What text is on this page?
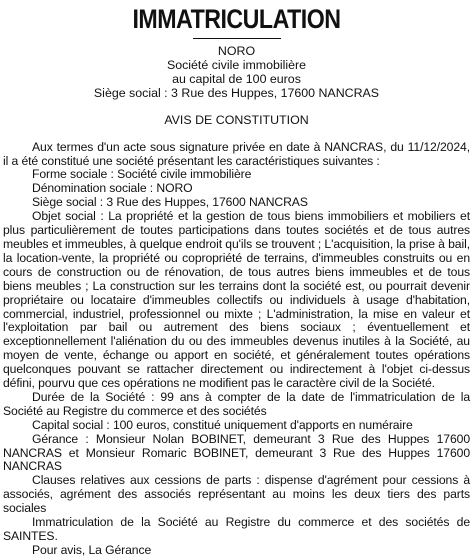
IMMATRICULATION

NORO

Société civile immobilière

au capital de 100 euros

Siège social : 3 Rue des Huppes, 17600 NANCRAS

AVIS DE CONSTITUTION

Aux termes d'un acte sous signature privée en date à NANCRAS, du 11/12/2024, il a été constitué une société présentant les caractéristiques suivantes :

Forme sociale : Société civile immobilière

Dénomination sociale : NORO

Siège social : 3 Rue des Huppes, 17600 NANCRAS

Objet social : La propriété et la gestion de tous biens immobiliers et mobiliers et plus particulièrement de toutes participations dans toutes sociétés et de tous autres meubles et immeubles, à quelque endroit qu'ils se trouvent ; L'acquisition, la prise à bail, la location-vente, la propriété ou copropriété de terrains, d'immeubles construits ou en cours de construction ou de rénovation, de tous autres biens immeubles et de tous biens meubles ; La construction sur les terrains dont la société est, ou pourrait devenir propriétaire ou locataire d'immeubles collectifs ou individuels à usage d'habitation, commercial, industriel, professionnel ou mixte ; L'administration, la mise en valeur et l'exploitation par bail ou autrement des biens sociaux ; éventuellement et exceptionnellement l'aliénation du ou des immeubles devenus inutiles à la Société, au moyen de vente, échange ou apport en société, et généralement toutes opérations quelconques pouvant se rattacher directement ou indirectement à l'objet ci-dessus défini, pourvu que ces opérations ne modifient pas le caractère civil de la Société.

Durée de la Société : 99 ans à compter de la date de l'immatriculation de la Société au Registre du commerce et des sociétés

Capital social : 100 euros, constitué uniquement d'apports en numéraire

Gérance : Monsieur Nolan BOBINET, demeurant 3 Rue des Huppes 17600 NANCRAS et Monsieur Romaric BOBINET, demeurant 3 Rue des Huppes 17600 NANCRAS

Clauses relatives aux cessions de parts : dispense d'agrément pour cessions à associés, agrément des associés représentant au moins les deux tiers des parts sociales

Immatriculation de la Société au Registre du commerce et des sociétés de SAINTES.

Pour avis, La Gérance
